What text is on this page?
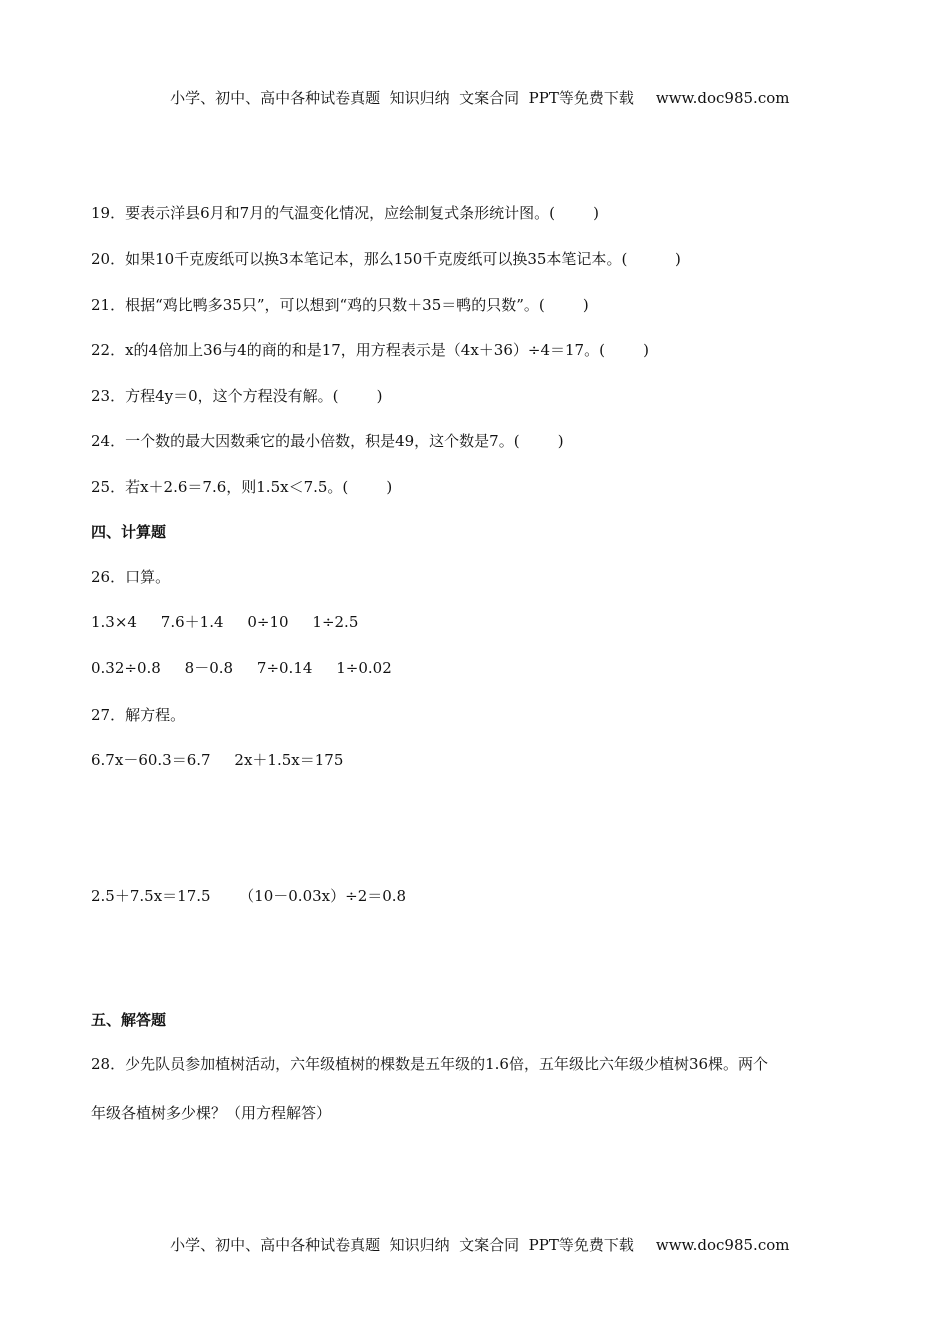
小学、初中、高中各种试卷真题  知识归纳  文案合同  PPT等免费下载 www.doc985.com

19．要表示洋县6月和7月的气温变化情况，应绘制复式条形统计图。(        )
20．如果10千克废纸可以换3本笔记本，那么150千克废纸可以换35本笔记本。(          )
21．根据“鸡比鸭多35只”，可以想到“鸡的只数＋35＝鸭的只数”。(        )
22．x的4倍加上36与4的商的和是17，用方程表示是（4x＋36）÷4＝17。(        )
23．方程4y＝0，这个方程没有解。(        )
24．一个数的最大因数乘它的最小倍数，积是49，这个数是7。(        )
25．若x＋2.6＝7.6，则1.5x＜7.5。(        )
四、计算题
26．口算。
1.3×4     7.6＋1.4     0÷10     1÷2.5
0.32÷0.8     8－0.8     7÷0.14     1÷0.02
27．解方程。
6.7x－60.3＝6.7     2x＋1.5x＝175
2.5＋7.5x＝17.5      （10－0.03x）÷2＝0.8
五、解答题
28．少先队员参加植树活动，六年级植树的棵数是五年级的1.6倍，五年级比六年级少植树36棵。两个
年级各植树多少棵？（用方程解答）

小学、初中、高中各种试卷真题  知识归纳  文案合同  PPT等免费下载 www.doc985.com
